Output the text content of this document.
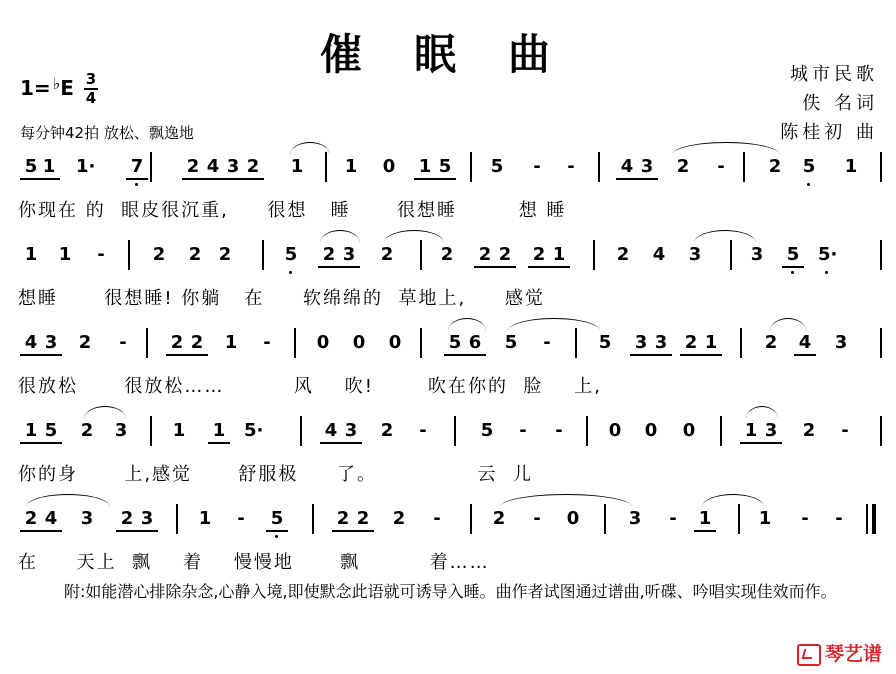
催眠曲	城市民歌
佚 名词
陈桂初 曲
1= ♭E 3
4
每分钟42拍 放松、飘逸地
5 1 1· 7 2 4 3 2 1 1 0 1 5 5 - -	4 3 2 - 2 5 1
你现在 的  眼皮很沉重,     很想   睡      很想睡        想 睡
1 1 -	2 2 2	5 2 3 2	2 2 2 2 1	2 4 3	3 5 5·
想睡      很想睡! 你躺   在     软绵绵的  草地上,     感觉
4 3 2 - 2 2 1 -	0 0 0	5 6 5 -	5 3 3 2 1	2 4 3
很放松      很放松……         风    吹!       吹在你的  脸    上,
1 5 2 3	1 1 5·	4 3 2 -	5 - -	0 0 0	1 3 2 -
你的身      上,感觉      舒服极     了。             云  儿
2 4 3 2 3	1 - 5	2 2 2 -	2 - 0	3 - 1	1 - -
在     天上  飘    着    慢慢地      飘         着……
附:如能潜心排除杂念,心静入境,即使默念此语就可诱导入睡。曲作者试图通过谱曲,听碟、吟唱实现佳效而作。
琴艺谱
